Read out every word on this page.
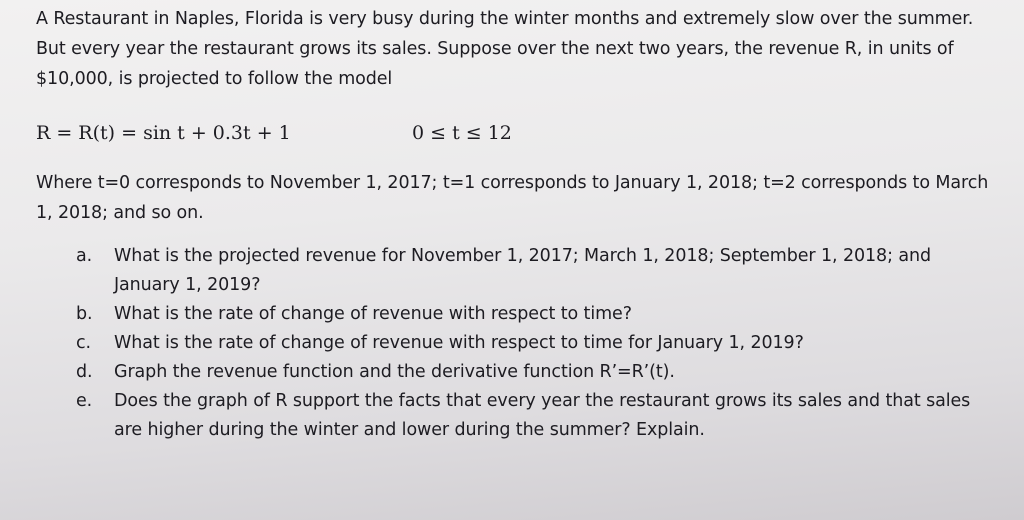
A Restaurant in Naples, Florida is very busy during the winter months and extremely slow over the summer. But every year the restaurant grows its sales. Suppose over the next two years, the revenue R, in units of $10,000, is projected to follow the model
R = R(t) = sin t + 0.3t + 1	0 ≤ t ≤ 12
Where t=0 corresponds to November 1, 2017; t=1 corresponds to January 1, 2018; t=2 corresponds to March 1, 2018; and so on.
a. What is the projected revenue for November 1, 2017; March 1, 2018; September 1, 2018; and January 1, 2019?
b. What is the rate of change of revenue with respect to time?
c. What is the rate of change of revenue with respect to time for January 1, 2019?
d. Graph the revenue function and the derivative function R’=R’(t).
e. Does the graph of R support the facts that every year the restaurant grows its sales and that sales are higher during the winter and lower during the summer? Explain.
